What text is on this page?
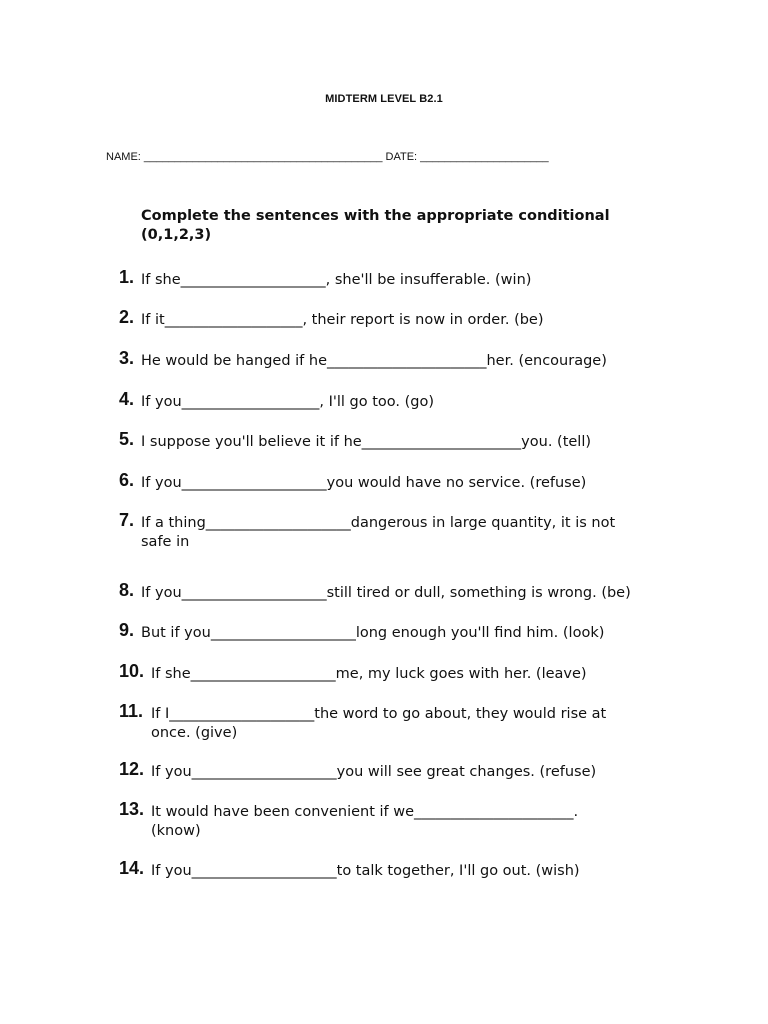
MIDTERM LEVEL B2.1
NAME: _______________________________________ DATE: _____________________
Complete the sentences with the appropriate conditional (0,1,2,3)
1. If she____________________, she'll be insufferable. (win)
2. If it___________________, their report is now in order. (be)
3. He would be hanged if he______________________her. (encourage)
4. If you___________________, I'll go too. (go)
5. I suppose you'll believe it if he______________________you. (tell)
6. If you____________________you would have no service. (refuse)
7. If a thing____________________dangerous in large quantity, it is not safe in
8. If you____________________still tired or dull, something is wrong. (be)
9. But if you____________________long enough you'll find him. (look)
10. If she____________________me, my luck goes with her. (leave)
11. If I____________________the word to go about, they would rise at once. (give)
12. If you____________________you will see great changes. (refuse)
13. It would have been convenient if we______________________. (know)
14. If you____________________to talk together, I'll go out. (wish)
